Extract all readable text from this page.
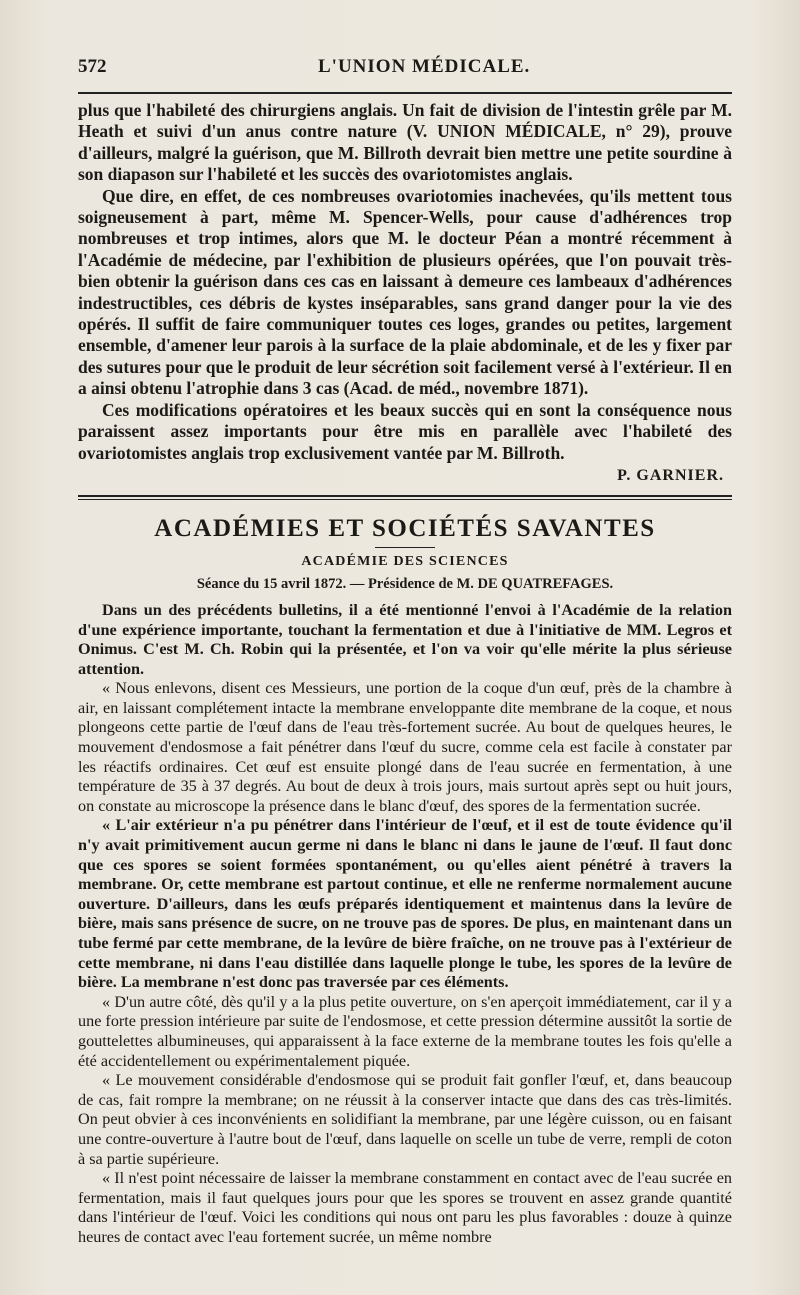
572	L'UNION MÉDICALE.

plus que l'habileté des chirurgiens anglais. Un fait de division de l'intestin grêle par M. Heath et suivi d'un anus contre nature (V. UNION MÉDICALE, n° 29), prouve d'ailleurs, malgré la guérison, que M. Billroth devrait bien mettre une petite sourdine à son diapason sur l'habileté et les succès des ovariotomistes anglais.

Que dire, en effet, de ces nombreuses ovariotomies inachevées, qu'ils mettent tous soigneusement à part, même M. Spencer-Wells, pour cause d'adhérences trop nombreuses et trop intimes, alors que M. le docteur Péan a montré récemment à l'Académie de médecine, par l'exhibition de plusieurs opérées, que l'on pouvait très-bien obtenir la guérison dans ces cas en laissant à demeure ces lambeaux d'adhérences indestructibles, ces débris de kystes inséparables, sans grand danger pour la vie des opérés. Il suffit de faire communiquer toutes ces loges, grandes ou petites, largement ensemble, d'amener leur parois à la surface de la plaie abdominale, et de les y fixer par des sutures pour que le produit de leur sécrétion soit facilement versé à l'extérieur. Il en a ainsi obtenu l'atrophie dans 3 cas (Acad. de méd., novembre 1871).

Ces modifications opératoires et les beaux succès qui en sont la conséquence nous paraissent assez importants pour être mis en parallèle avec l'habileté des ovariotomistes anglais trop exclusivement vantée par M. Billroth.

P. GARNIER.
ACADÉMIES ET SOCIÉTÉS SAVANTES
ACADÉMIE DES SCIENCES
Séance du 15 avril 1872. — Présidence de M. DE QUATREFAGES.

Dans un des précédents bulletins, il a été mentionné l'envoi à l'Académie de la relation d'une expérience importante, touchant la fermentation et due à l'initiative de MM. Legros et Onimus. C'est M. Ch. Robin qui la présentée, et l'on va voir qu'elle mérite la plus sérieuse attention.

« Nous enlevons, disent ces Messieurs, une portion de la coque d'un œuf, près de la chambre à air, en laissant complétement intacte la membrane enveloppante dite membrane de la coque, et nous plongeons cette partie de l'œuf dans de l'eau très-fortement sucrée. Au bout de quelques heures, le mouvement d'endosmose a fait pénétrer dans l'œuf du sucre, comme cela est facile à constater par les réactifs ordinaires. Cet œuf est ensuite plongé dans de l'eau sucrée en fermentation, à une température de 35 à 37 degrés. Au bout de deux à trois jours, mais surtout après sept ou huit jours, on constate au microscope la présence dans le blanc d'œuf, des spores de la fermentation sucrée.

« L'air extérieur n'a pu pénétrer dans l'intérieur de l'œuf, et il est de toute évidence qu'il n'y avait primitivement aucun germe ni dans le blanc ni dans le jaune de l'œuf. Il faut donc que ces spores se soient formées spontanément, ou qu'elles aient pénétré à travers la membrane. Or, cette membrane est partout continue, et elle ne renferme normalement aucune ouverture. D'ailleurs, dans les œufs préparés identiquement et maintenus dans la levûre de bière, mais sans présence de sucre, on ne trouve pas de spores. De plus, en maintenant dans un tube fermé par cette membrane, de la levûre de bière fraîche, on ne trouve pas à l'extérieur de cette membrane, ni dans l'eau distillée dans laquelle plonge le tube, les spores de la levûre de bière. La membrane n'est donc pas traversée par ces éléments.

« D'un autre côté, dès qu'il y a la plus petite ouverture, on s'en aperçoit immédiatement, car il y a une forte pression intérieure par suite de l'endosmose, et cette pression détermine aussitôt la sortie de gouttelettes albumineuses, qui apparaissent à la face externe de la membrane toutes les fois qu'elle a été accidentellement ou expérimentalement piquée.

« Le mouvement considérable d'endosmose qui se produit fait gonfler l'œuf, et, dans beaucoup de cas, fait rompre la membrane; on ne réussit à la conserver intacte que dans des cas très-limités. On peut obvier à ces inconvénients en solidifiant la membrane, par une légère cuisson, ou en faisant une contre-ouverture à l'autre bout de l'œuf, dans laquelle on scelle un tube de verre, rempli de coton à sa partie supérieure.

« Il n'est point nécessaire de laisser la membrane constamment en contact avec de l'eau sucrée en fermentation, mais il faut quelques jours pour que les spores se trouvent en assez grande quantité dans l'intérieur de l'œuf. Voici les conditions qui nous ont paru les plus favorables : douze à quinze heures de contact avec l'eau fortement sucrée, un même nombre
